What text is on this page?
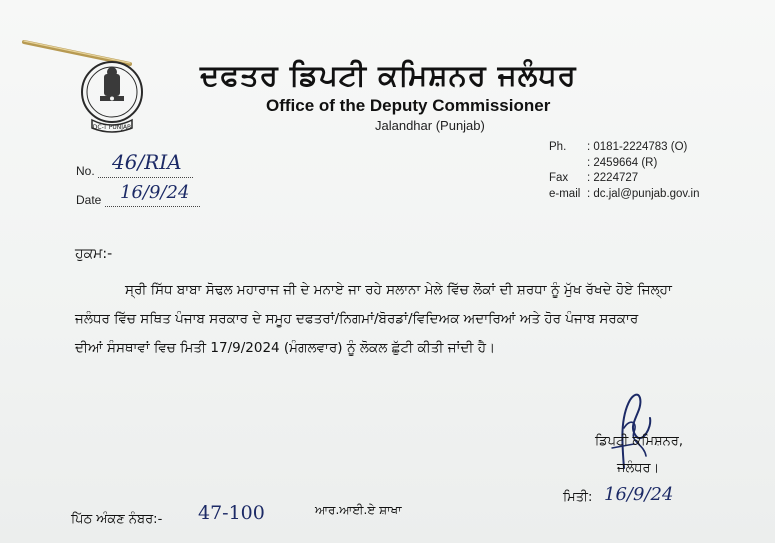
DC-T PUNJAB
ਦਫਤਰ ਡਿਪਟੀ ਕਮਿਸ਼ਨਰ ਜਲੰਧਰ
Office of the Deputy Commissioner
Jalandhar (Punjab)
Ph.	: 0181-2224783 (O)
: 2459664 (R)
Fax	: 2224727
e-mail : dc.jal@punjab.gov.in
No. 46/RIA
Date	16/9/24
ਹੁਕਮ:-
ਸ੍ਰੀ ਸਿੱਧ ਬਾਬਾ ਸੋਢਲ ਮਹਾਰਾਜ ਜੀ ਦੇ ਮਨਾਏ ਜਾ ਰਹੇ ਸਲਾਨਾ ਮੇਲੇ ਵਿੱਚ ਲੋਕਾਂ ਦੀ ਸ਼ਰਧਾ ਨੂੰ ਮੁੱਖ ਰੱਖਦੇ ਹੋਏ ਜਿਲ੍ਹਾ
ਜਲੰਧਰ ਵਿੱਚ ਸਥਿਤ ਪੰਜਾਬ ਸਰਕਾਰ ਦੇ ਸਮੂਹ ਦਫਤਰਾਂ/ਨਿਗਮਾਂ/ਬੋਰਡਾਂ/ਵਿਦਿਅਕ ਅਦਾਰਿਆਂ ਅਤੇ ਹੋਰ ਪੰਜਾਬ ਸਰਕਾਰ
ਦੀਆਂ ਸੰਸਥਾਵਾਂ ਵਿਚ ਮਿਤੀ 17/9/2024 (ਮੰਗਲਵਾਰ) ਨੂੰ ਲੋਕਲ ਛੁੱਟੀ ਕੀਤੀ ਜਾਂਦੀ ਹੈ।
ਡਿਪਟੀ ਕਮਿਸ਼ਨਰ,
ਜਲੰਧਰ।
ਮਿਤੀ: 16/9/24
ਪਿੱਠ ਅੰਕਣ ਨੰਬਰ:- 47-100	ਆਰ.ਆਈ.ਏ ਸ਼ਾਖਾ
